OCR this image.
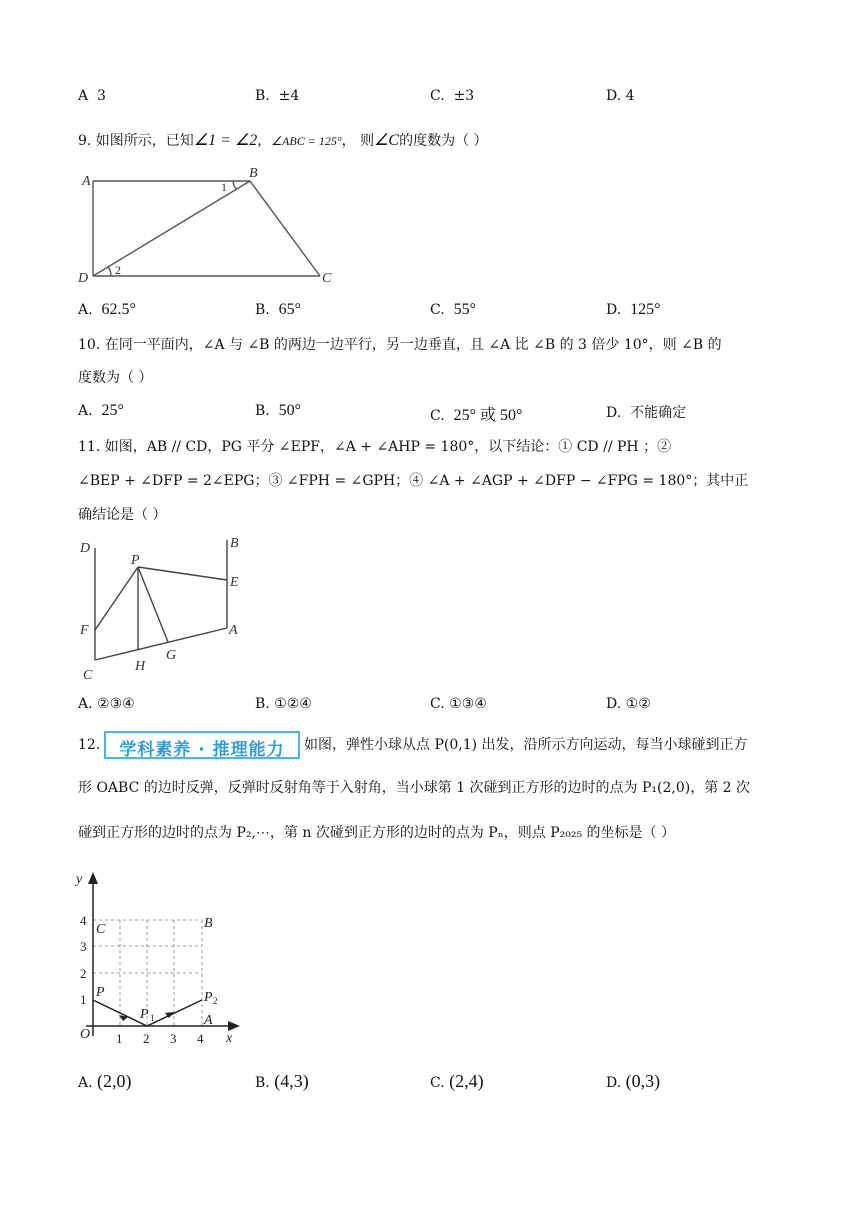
A 3	B. ±4	C. ±3	D. 4
9. 如图所示，已知∠1 = ∠2，∠ABC = 125°， 则∠C的度数为（ ）
A
B
C
D
1
2
A. 62.5°	B. 65°	C. 55°	D. 125°
10. 在同一平面内，∠A 与 ∠B 的两边一边平行，另一边垂直，且 ∠A 比 ∠B 的 3 倍少 10°，则 ∠B 的
度数为（ ）
A. 25°	B. 50°	C. 25° 或 50°	D. 不能确定
11. 如图，AB // CD，PG 平分 ∠EPF，∠A + ∠AHP = 180°，以下结论：① CD // PH ；②
∠BEP + ∠DFP = 2∠EPG；③ ∠FPH = ∠GPH；④ ∠A + ∠AGP + ∠DFP − ∠FPG = 180°；其中正
确结论是（ ）
D	B
P
E
F	A
G
H
C
A. ②③④	B. ①②④	C. ①③④	D. ①②
12.	学科素养 · 推理能力	如图，弹性小球从点 P(0,1) 出发，沿所示方向运动，每当小球碰到正方
形 OABC 的边时反弹，反弹时反射角等于入射角，当小球第 1 次碰到正方形的边时的点为 P₁(2,0)，第 2 次
碰到正方形的边时的点为 P₂,⋯，第 n 次碰到正方形的边时的点为 Pₙ，则点 P₂₀₂₅ 的坐标是（ ）
y
x
O
A
B
C
P
P 1
P 2
1 2 3 4
1
2
3
4
A. (2,0)	B. (4,3)	C. (2,4)	D. (0,3)
